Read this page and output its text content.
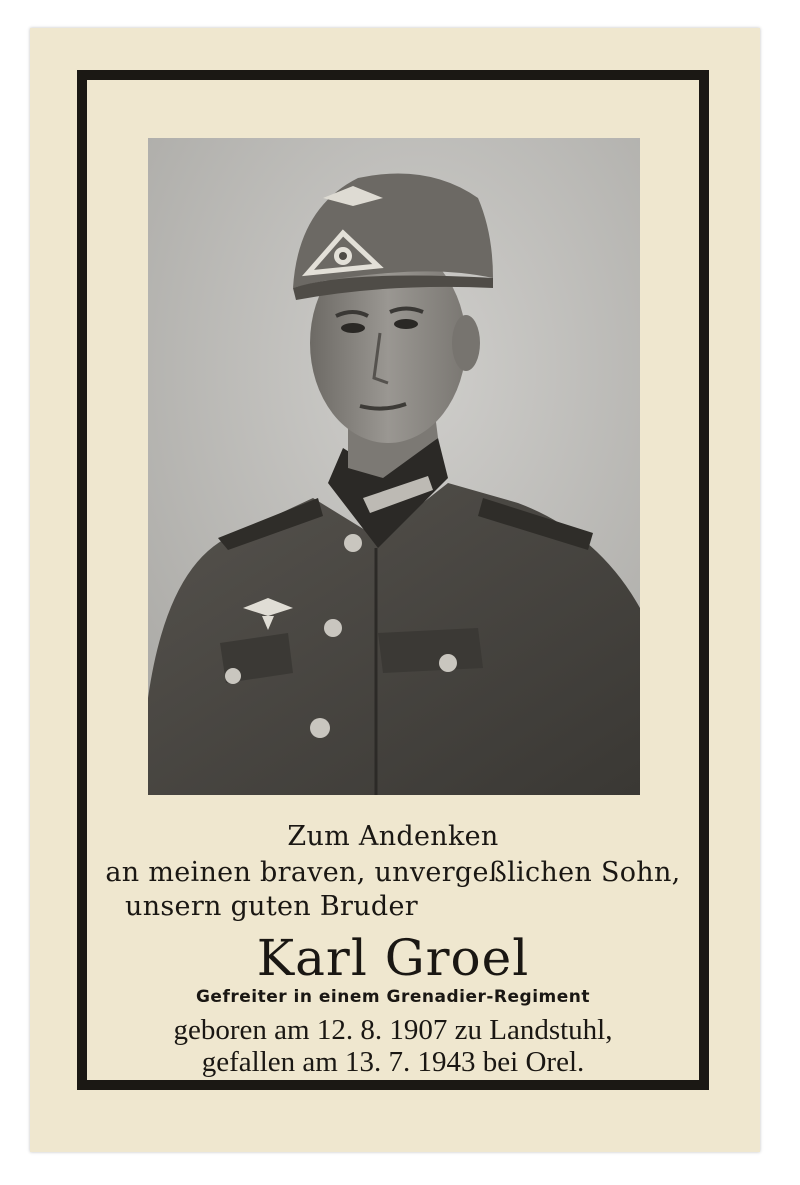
Zum Andenken
an meinen braven, unvergeßlichen Sohn,
unsern guten Bruder
Karl Groel
Gefreiter in einem Grenadier-Regiment
geboren am 12. 8. 1907 zu Landstuhl,
gefallen am 13. 7. 1943 bei Orel.
